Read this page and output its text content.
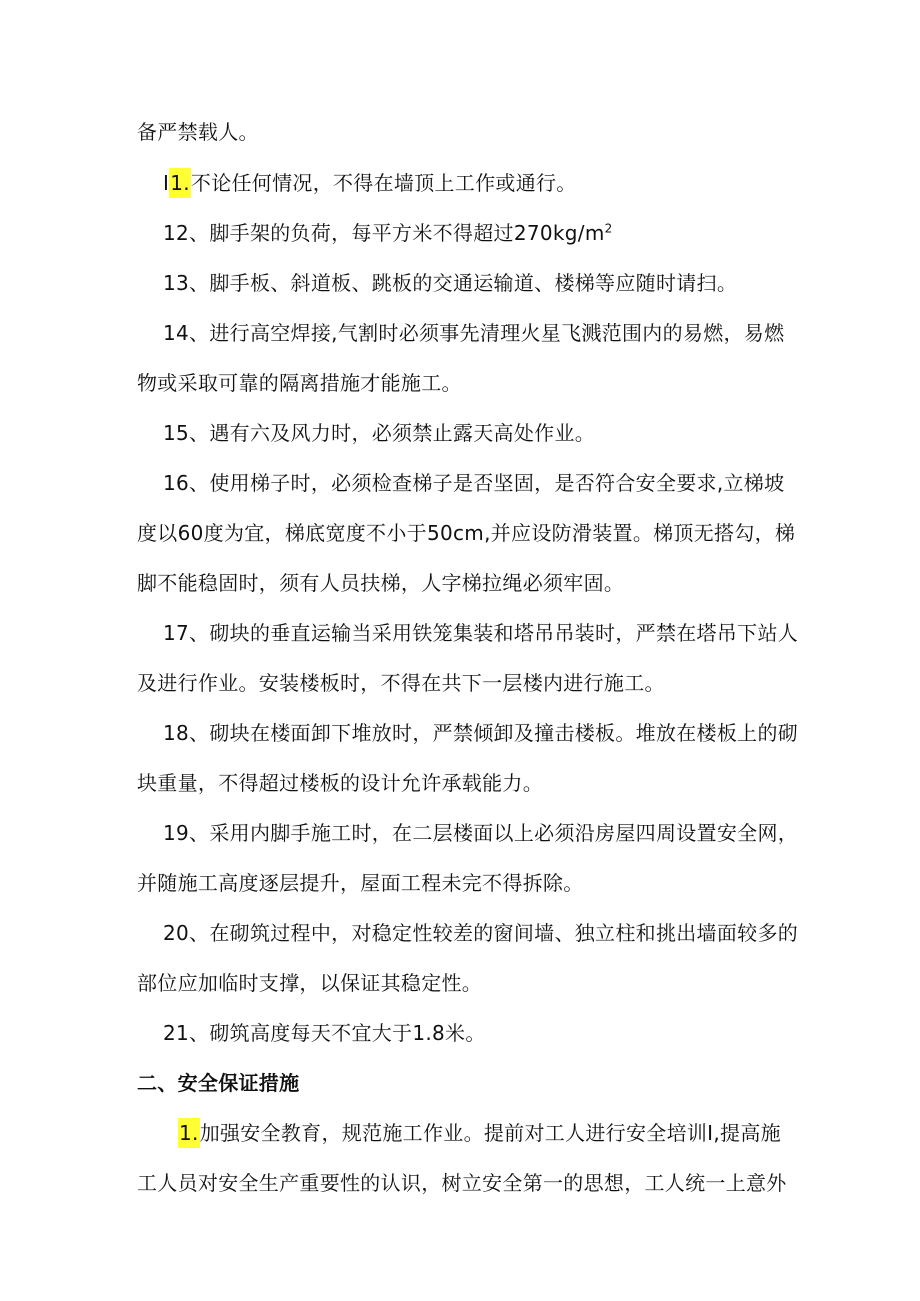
备严禁载人。
I1.不论任何情况，不得在墙顶上工作或通行。
12、脚手架的负荷，每平方米不得超过$270kg/m^2$
13、脚手板、斜道板、跳板的交通运输道、楼梯等应随时请扫。
14、进行高空焊接,气割时必须事先清理火星飞溅范围内的易燃，易燃
物或采取可靠的隔离措施才能施工。
15、遇有六及风力时，必须禁止露天高处作业。
16、使用梯子时，必须检查梯子是否坚固，是否符合安全要求,立梯坡
度以60度为宜，梯底宽度不小于50cm,并应设防滑装置。梯顶无搭勾，梯
脚不能稳固时，须有人员扶梯，人字梯拉绳必须牢固。
17、砌块的垂直运输当采用铁笼集装和塔吊吊装时，严禁在塔吊下站人
及进行作业。安装楼板时，不得在共下一层楼内进行施工。
18、砌块在楼面卸下堆放时，严禁倾卸及撞击楼板。堆放在楼板上的砌
块重量，不得超过楼板的设计允许承载能力。
19、采用内脚手施工时，在二层楼面以上必须沿房屋四周设置安全网，
并随施工高度逐层提升，屋面工程未完不得拆除。
20、在砌筑过程中，对稳定性较差的窗间墙、独立柱和挑出墙面较多的
部位应加临时支撑，以保证其稳定性。
21、砌筑高度每天不宜大于1.8米。
二、安全保证措施
1.加强安全教育，规范施工作业。提前对工人进行安全培训I,提高施
工人员对安全生产重要性的认识，树立安全第一的思想，工人统一上意外
